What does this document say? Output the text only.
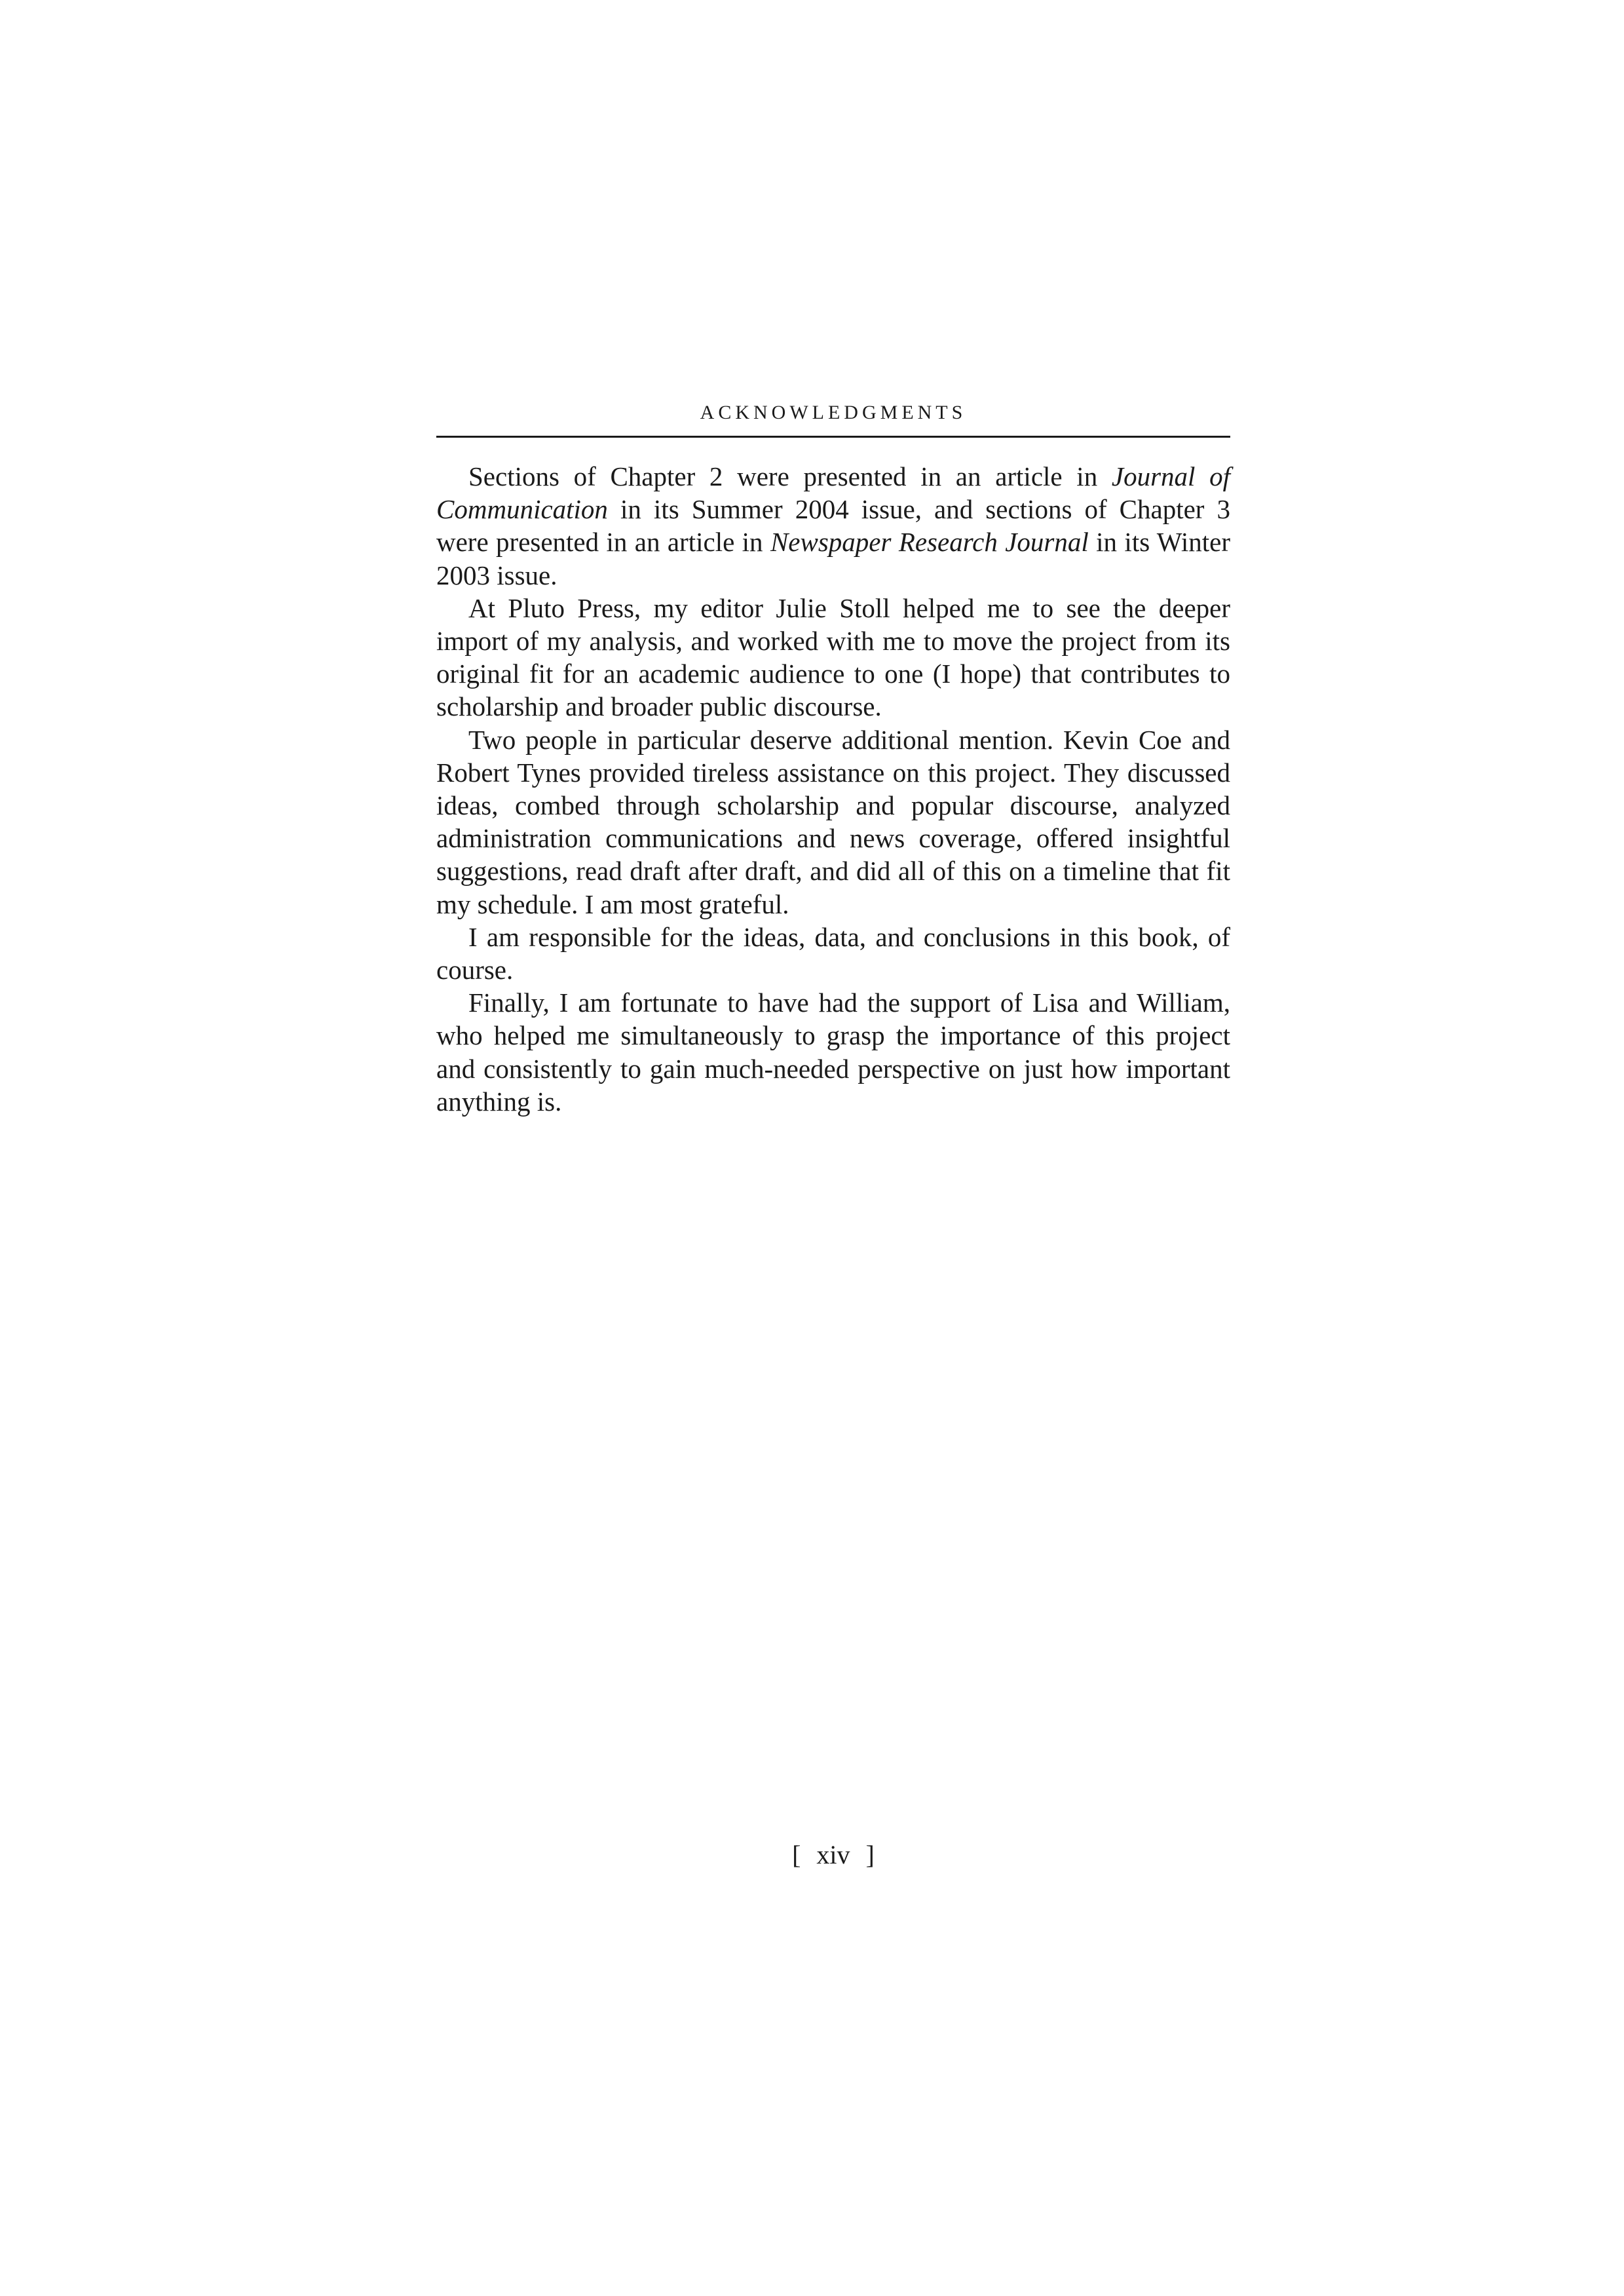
ACKNOWLEDGMENTS

Sections of Chapter 2 were presented in an article in Journal of Communication in its Summer 2004 issue, and sections of Chapter 3 were presented in an article in Newspaper Research Journal in its Winter 2003 issue.

At Pluto Press, my editor Julie Stoll helped me to see the deeper import of my analysis, and worked with me to move the project from its original fit for an academic audience to one (I hope) that contributes to scholarship and broader public discourse.

Two people in particular deserve additional mention. Kevin Coe and Robert Tynes provided tireless assistance on this project. They discussed ideas, combed through scholarship and popular discourse, analyzed administration communications and news coverage, offered insightful suggestions, read draft after draft, and did all of this on a timeline that fit my schedule. I am most grateful.

I am responsible for the ideas, data, and conclusions in this book, of course.

Finally, I am fortunate to have had the support of Lisa and William, who helped me simultaneously to grasp the importance of this project and consistently to gain much-needed perspective on just how important anything is.

[ xiv ]
